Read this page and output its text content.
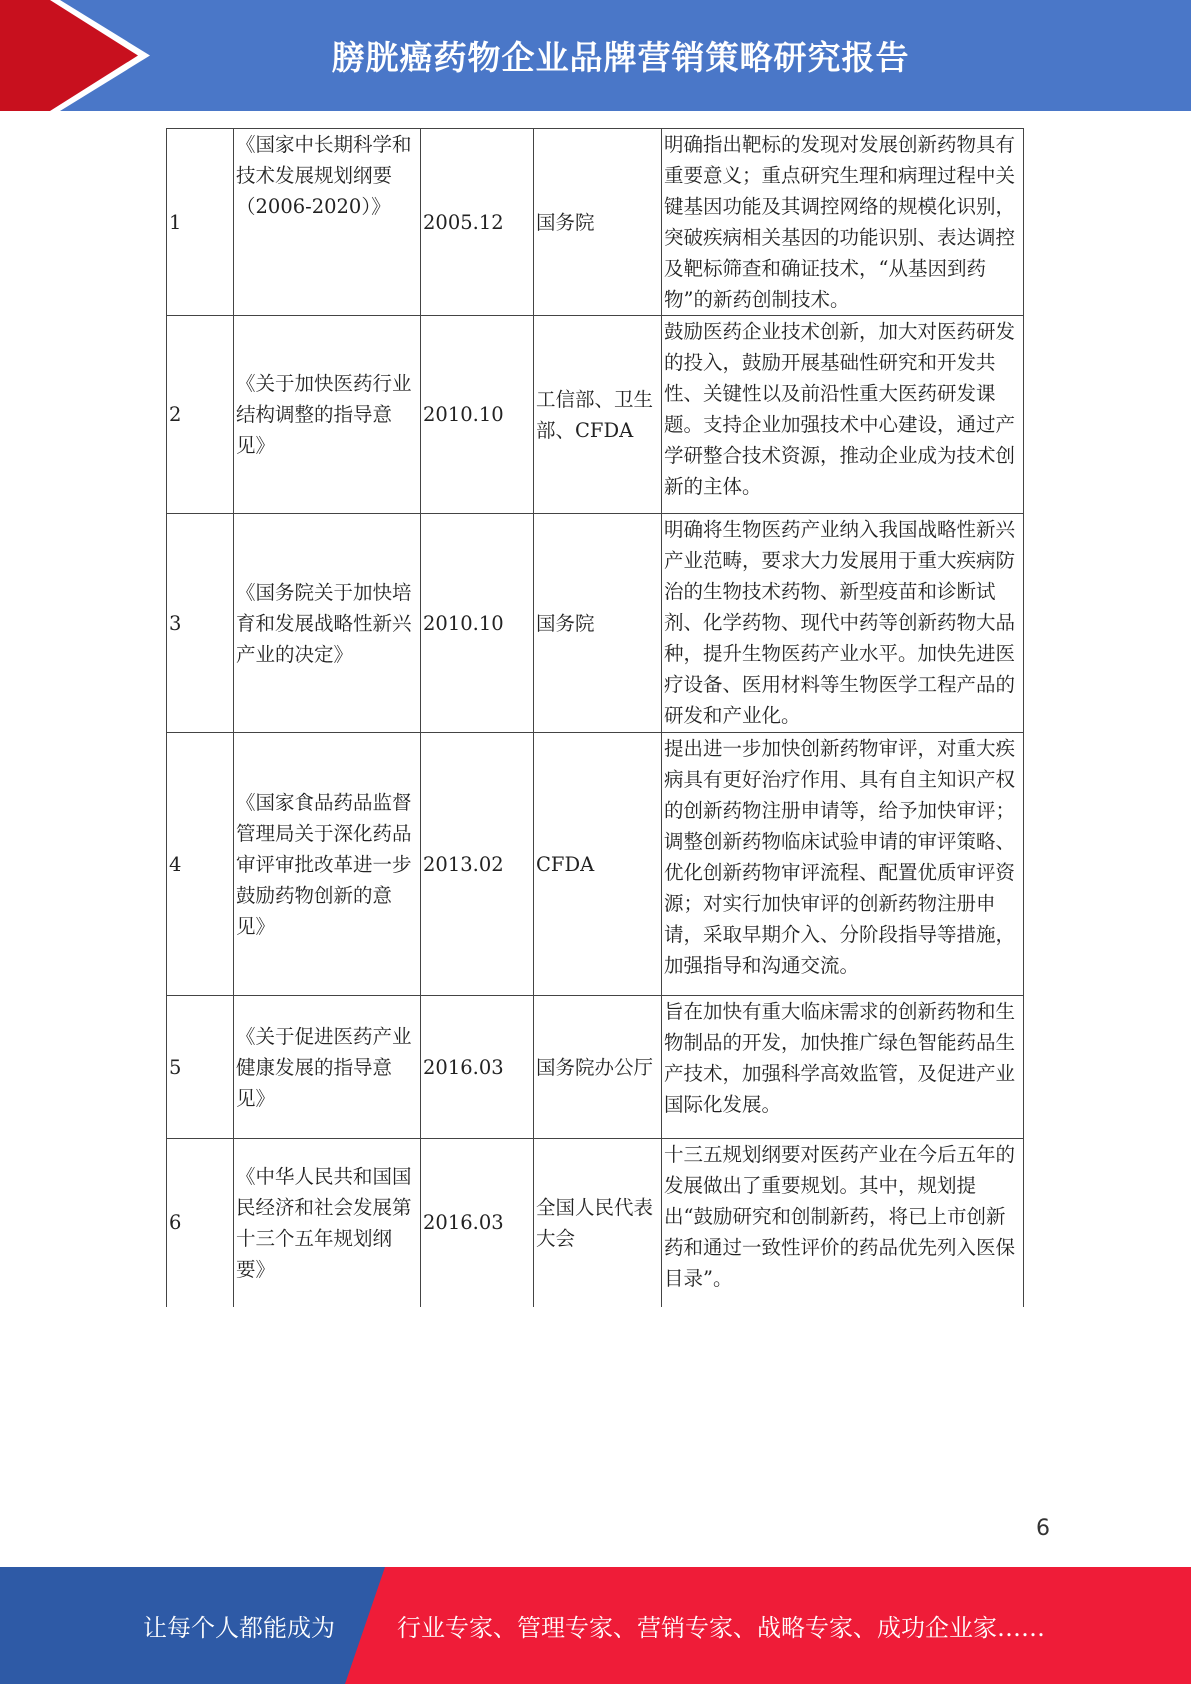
膀胱癌药物企业品牌营销策略研究报告
1	《国家中长期科学和技术发展规划纲要（2006-2020）》	2005.12	国务院	明确指出靶标的发现对发展创新药物具有重要意义；重点研究生理和病理过程中关键基因功能及其调控网络的规模化识别，突破疾病相关基因的功能识别、表达调控及靶标筛查和确证技术，“从基因到药物”的新药创制技术。
2	《关于加快医药行业结构调整的指导意见》	2010.10	工信部、卫生部、CFDA	鼓励医药企业技术创新，加大对医药研发的投入，鼓励开展基础性研究和开发共性、关键性以及前沿性重大医药研发课题。支持企业加强技术中心建设，通过产学研整合技术资源，推动企业成为技术创新的主体。
3	《国务院关于加快培育和发展战略性新兴产业的决定》	2010.10	国务院	明确将生物医药产业纳入我国战略性新兴产业范畴，要求大力发展用于重大疾病防治的生物技术药物、新型疫苗和诊断试剂、化学药物、现代中药等创新药物大品种，提升生物医药产业水平。加快先进医疗设备、医用材料等生物医学工程产品的研发和产业化。
4	《国家食品药品监督管理局关于深化药品审评审批改革进一步鼓励药物创新的意见》	2013.02	CFDA	提出进一步加快创新药物审评，对重大疾病具有更好治疗作用、具有自主知识产权的创新药物注册申请等，给予加快审评；调整创新药物临床试验申请的审评策略、优化创新药物审评流程、配置优质审评资源；对实行加快审评的创新药物注册申请，采取早期介入、分阶段指导等措施，加强指导和沟通交流。
5	《关于促进医药产业健康发展的指导意见》	2016.03	国务院办公厅	旨在加快有重大临床需求的创新药物和生物制品的开发，加快推广绿色智能药品生产技术，加强科学高效监管，及促进产业国际化发展。
6	《中华人民共和国国民经济和社会发展第十三个五年规划纲要》	2016.03	全国人民代表大会	十三五规划纲要对医药产业在今后五年的发展做出了重要规划。其中，规划提出“鼓励研究和创制新药，将已上市创新药和通过一致性评价的药品优先列入医保目录”。
6
让每个人都能成为	行业专家、管理专家、营销专家、战略专家、成功企业家……
